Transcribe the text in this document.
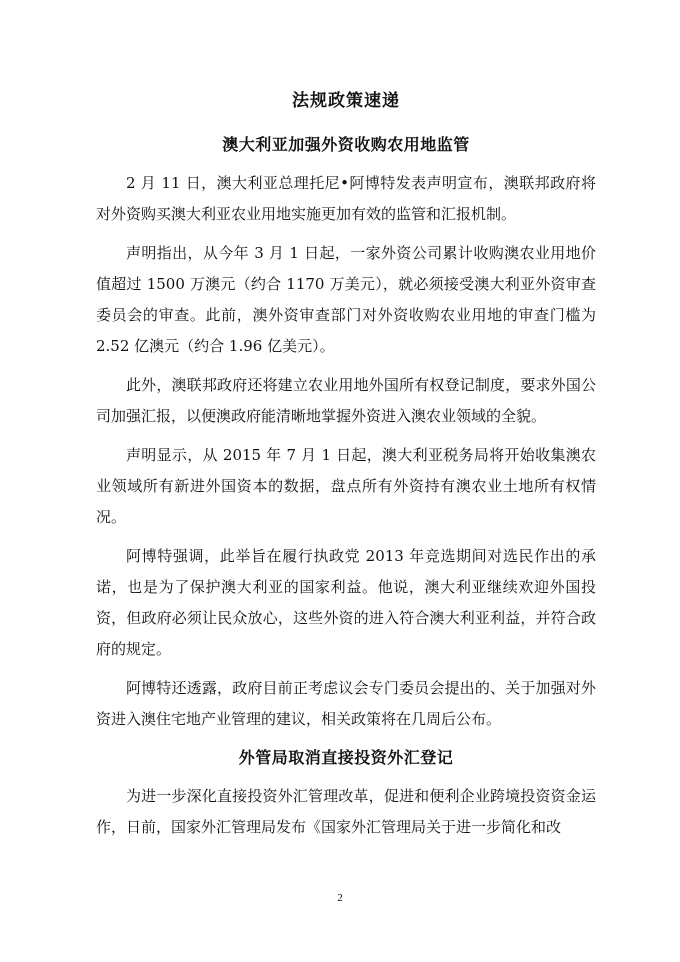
法规政策速递
澳大利亚加强外资收购农用地监管

2 月 11 日，澳大利亚总理托尼•阿博特发表声明宣布，澳联邦政府将对外资购买澳大利亚农业用地实施更加有效的监管和汇报机制。

声明指出，从今年 3 月 1 日起，一家外资公司累计收购澳农业用地价值超过 1500 万澳元（约合 1170 万美元），就必须接受澳大利亚外资审查委员会的审查。此前，澳外资审查部门对外资收购农业用地的审查门槛为 2.52 亿澳元（约合 1.96 亿美元）。

此外，澳联邦政府还将建立农业用地外国所有权登记制度，要求外国公司加强汇报，以便澳政府能清晰地掌握外资进入澳农业领域的全貌。

声明显示，从 2015 年 7 月 1 日起，澳大利亚税务局将开始收集澳农业领域所有新进外国资本的数据，盘点所有外资持有澳农业土地所有权情况。

阿博特强调，此举旨在履行执政党 2013 年竞选期间对选民作出的承诺，也是为了保护澳大利亚的国家利益。他说，澳大利亚继续欢迎外国投资，但政府必须让民众放心，这些外资的进入符合澳大利亚利益，并符合政府的规定。

阿博特还透露，政府目前正考虑议会专门委员会提出的、关于加强对外资进入澳住宅地产业管理的建议，相关政策将在几周后公布。

外管局取消直接投资外汇登记

为进一步深化直接投资外汇管理改革，促进和便利企业跨境投资资金运作，日前，国家外汇管理局发布《国家外汇管理局关于进一步简化和改

2
